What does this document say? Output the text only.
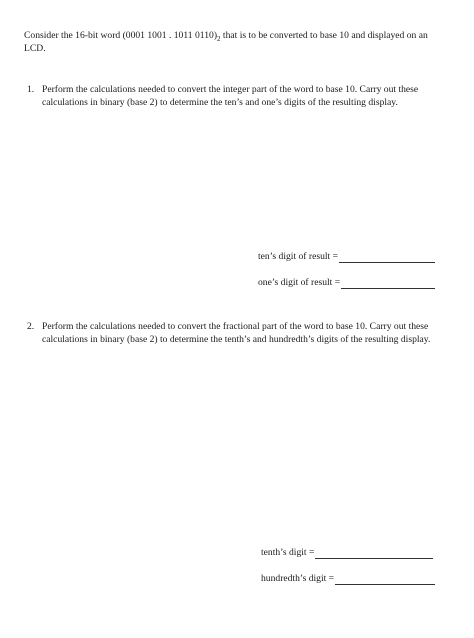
Consider the 16-bit word (0001 1001 . 1011 $0110)_2$ that is to be converted to base 10 and displayed on an LCD.
1. Perform the calculations needed to convert the integer part of the word to base 10. Carry out these calculations in binary (base 2) to determine the ten’s and one’s digits of the resulting display.
ten’s digit of result =
one’s digit of result =
2. Perform the calculations needed to convert the fractional part of the word to base 10. Carry out these calculations in binary (base 2) to determine the tenth’s and hundredth’s digits of the resulting display.
tenth’s digit =
hundredth’s digit =
